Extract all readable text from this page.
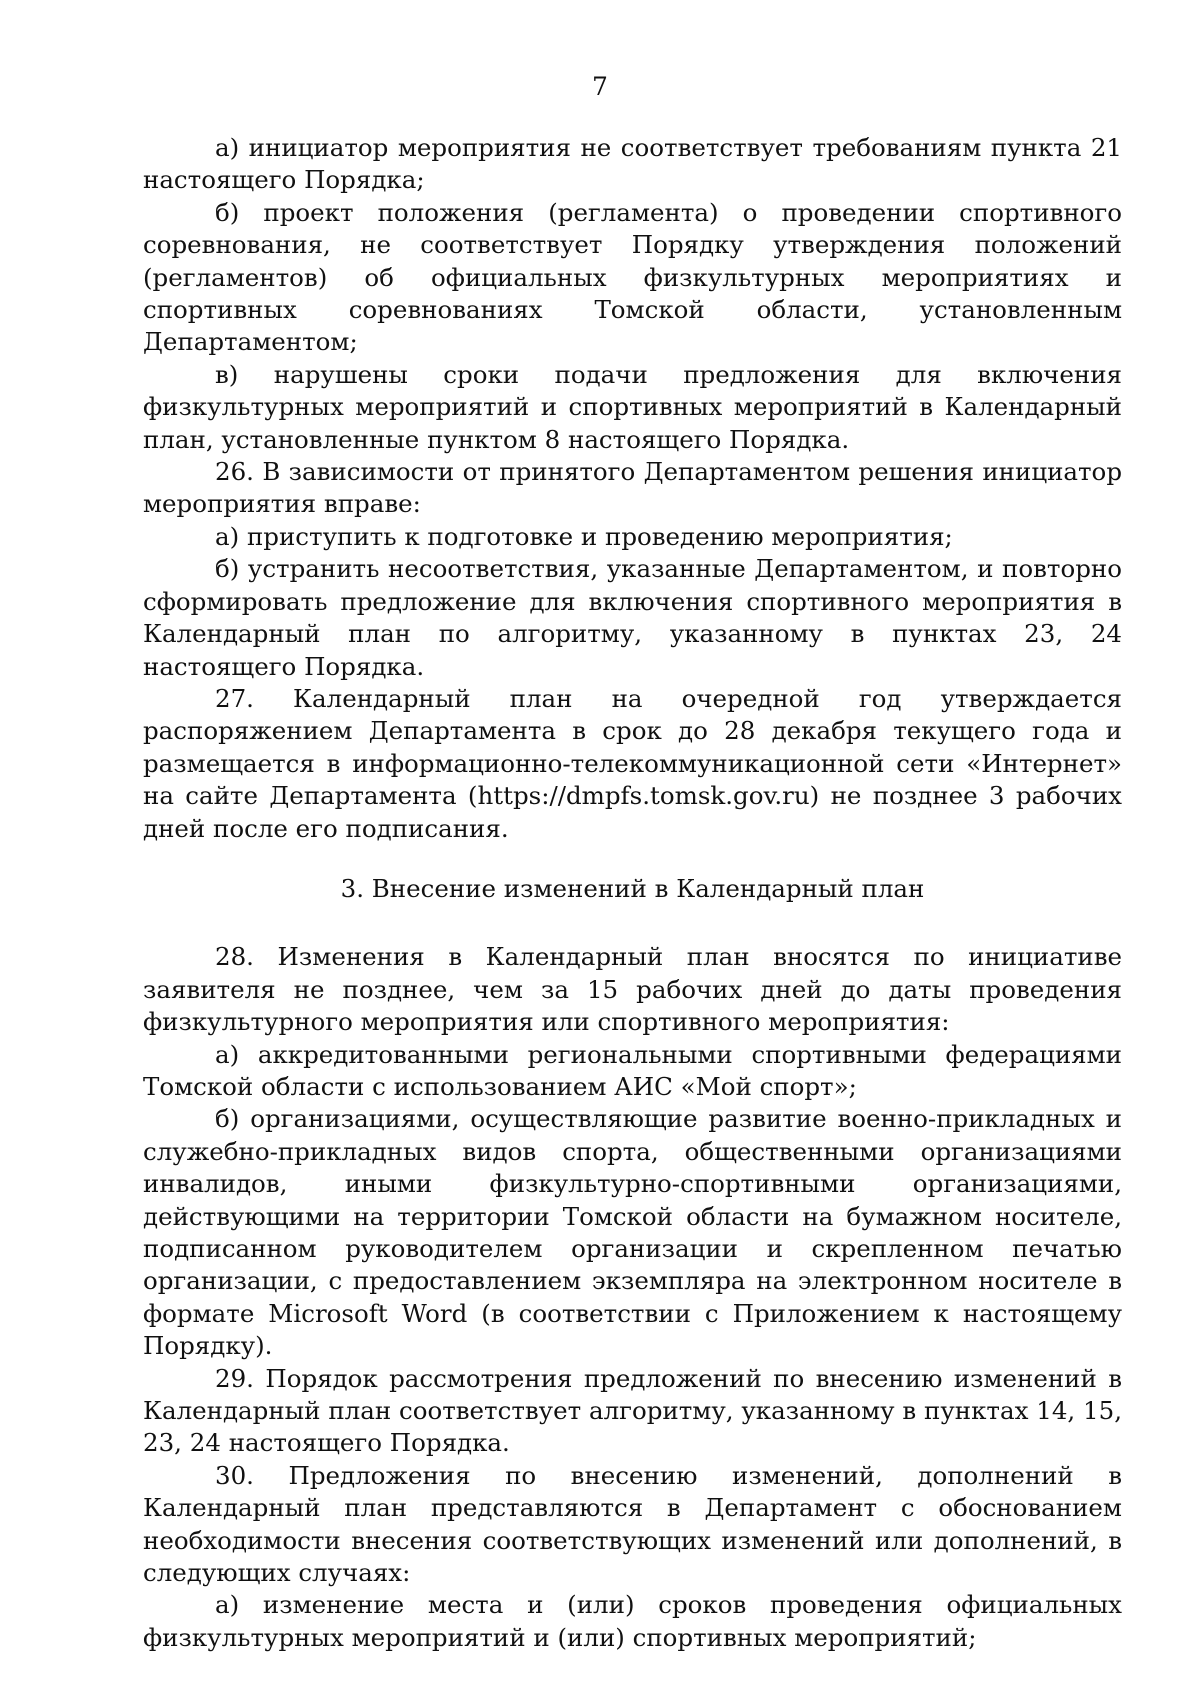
7

а) инициатор мероприятия не соответствует требованиям пункта 21 настоящего Порядка;

б) проект положения (регламента) о проведении спортивного соревнования, не соответствует Порядку утверждения положений (регламентов) об официальных физкультурных мероприятиях и спортивных соревнованиях Томской области, установленным Департаментом;

в) нарушены сроки подачи предложения для включения физкультурных мероприятий и спортивных мероприятий в Календарный план, установленные пунктом 8 настоящего Порядка.

26. В зависимости от принятого Департаментом решения инициатор мероприятия вправе:

а) приступить к подготовке и проведению мероприятия;

б) устранить несоответствия, указанные Департаментом, и повторно сформировать предложение для включения спортивного мероприятия в Календарный план по алгоритму, указанному в пунктах 23, 24 настоящего Порядка.

27. Календарный план на очередной год утверждается распоряжением Департамента в срок до 28 декабря текущего года и размещается в информационно-телекоммуникационной сети «Интернет» на сайте Департамента (https://dmpfs.tomsk.gov.ru) не позднее 3 рабочих дней после его подписания.

3. Внесение изменений в Календарный план

28. Изменения в Календарный план вносятся по инициативе заявителя не позднее, чем за 15 рабочих дней до даты проведения физкультурного мероприятия или спортивного мероприятия:

а) аккредитованными региональными спортивными федерациями Томской области с использованием АИС «Мой спорт»;

б) организациями, осуществляющие развитие военно-прикладных и служебно-прикладных видов спорта, общественными организациями инвалидов, иными физкультурно-спортивными организациями, действующими на территории Томской области на бумажном носителе, подписанном руководителем организации и скрепленном печатью организации, с предоставлением экземпляра на электронном носителе в формате Microsoft Word (в соответствии с Приложением к настоящему Порядку).

29. Порядок рассмотрения предложений по внесению изменений в Календарный план соответствует алгоритму, указанному в пунктах 14, 15, 23, 24 настоящего Порядка.

30. Предложения по внесению изменений, дополнений в Календарный план представляются в Департамент с обоснованием необходимости внесения соответствующих изменений или дополнений, в следующих случаях:

а) изменение места и (или) сроков проведения официальных физкультурных мероприятий и (или) спортивных мероприятий;
